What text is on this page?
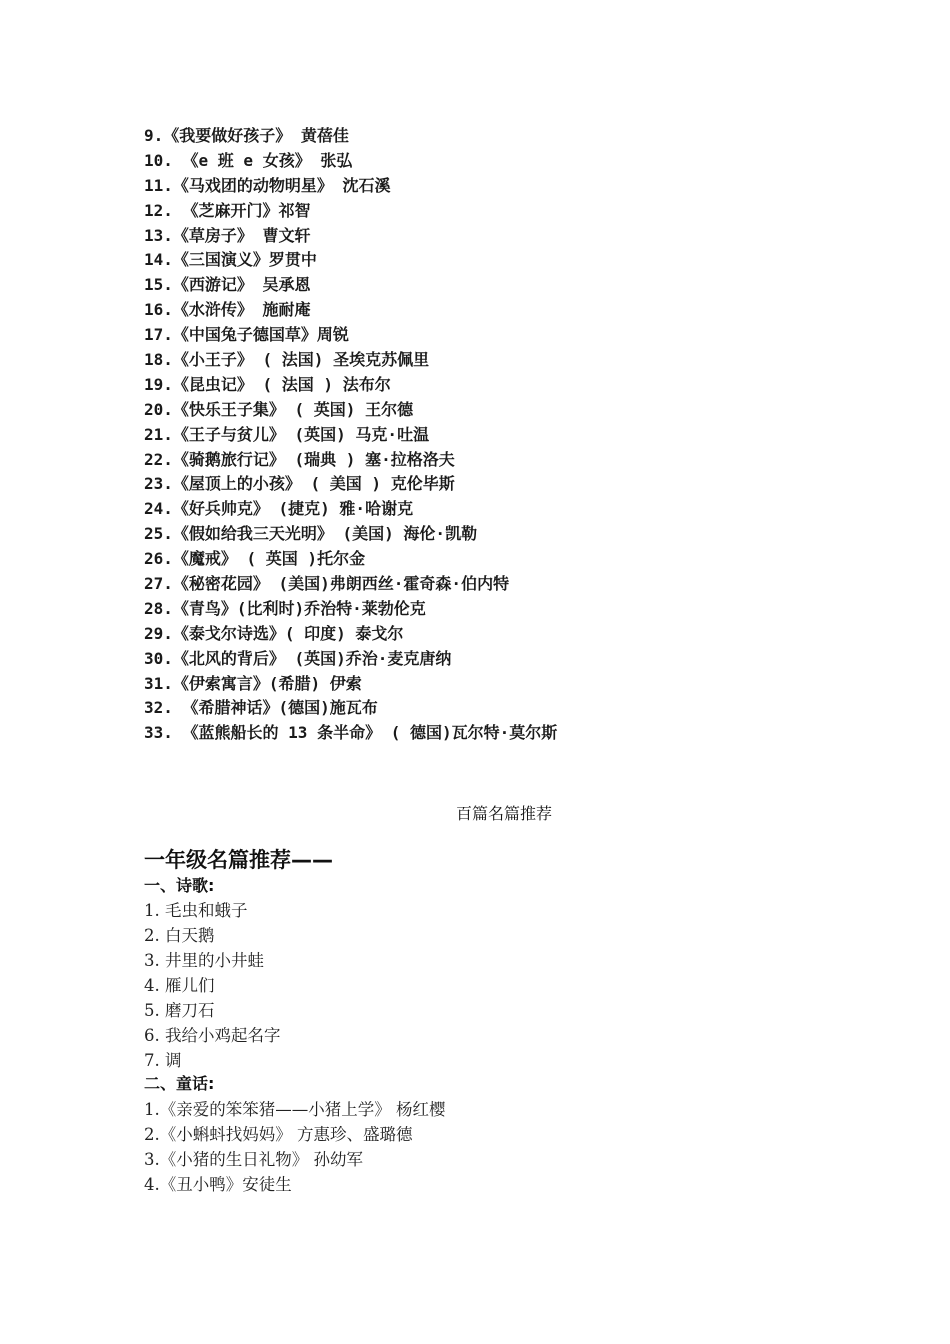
9.《我要做好孩子》 黄蓓佳
10. 《e 班 e 女孩》 张弘
11.《马戏团的动物明星》 沈石溪
12. 《芝麻开门》祁智
13.《草房子》 曹文轩
14.《三国演义》罗贯中
15.《西游记》 吴承恩
16.《水浒传》 施耐庵
17.《中国兔子德国草》周锐
18.《小王子》 ( 法国) 圣埃克苏佩里
19.《昆虫记》 ( 法国 ) 法布尔
20.《快乐王子集》 ( 英国) 王尔德
21.《王子与贫儿》 (英国) 马克·吐温
22.《骑鹅旅行记》 (瑞典 ) 塞·拉格洛夫
23.《屋顶上的小孩》 ( 美国 ) 克伦毕斯
24.《好兵帅克》 (捷克) 雅·哈谢克
25.《假如给我三天光明》 (美国) 海伦·凯勒
26.《魔戒》 ( 英国 )托尔金
27.《秘密花园》 (美国)弗朗西丝·霍奇森·伯内特
28.《青鸟》(比利时)乔治特·莱勃伦克
29.《泰戈尔诗选》( 印度) 泰戈尔
30.《北风的背后》 (英国)乔治·麦克唐纳
31.《伊索寓言》(希腊) 伊索
32. 《希腊神话》(德国)施瓦布
33. 《蓝熊船长的 13 条半命》 ( 德国)瓦尔特·莫尔斯
百篇名篇推荐
一年级名篇推荐——
一、诗歌:
1. 毛虫和蛾子
2. 白天鹅
3. 井里的小井蛙
4. 雁儿们
5. 磨刀石
6. 我给小鸡起名字
7. 调
二、童话:
1.《亲爱的笨笨猪——小猪上学》 杨红樱
2.《小蝌蚪找妈妈》 方惠珍、盛璐德
3.《小猪的生日礼物》 孙幼军
4.《丑小鸭》安徒生
